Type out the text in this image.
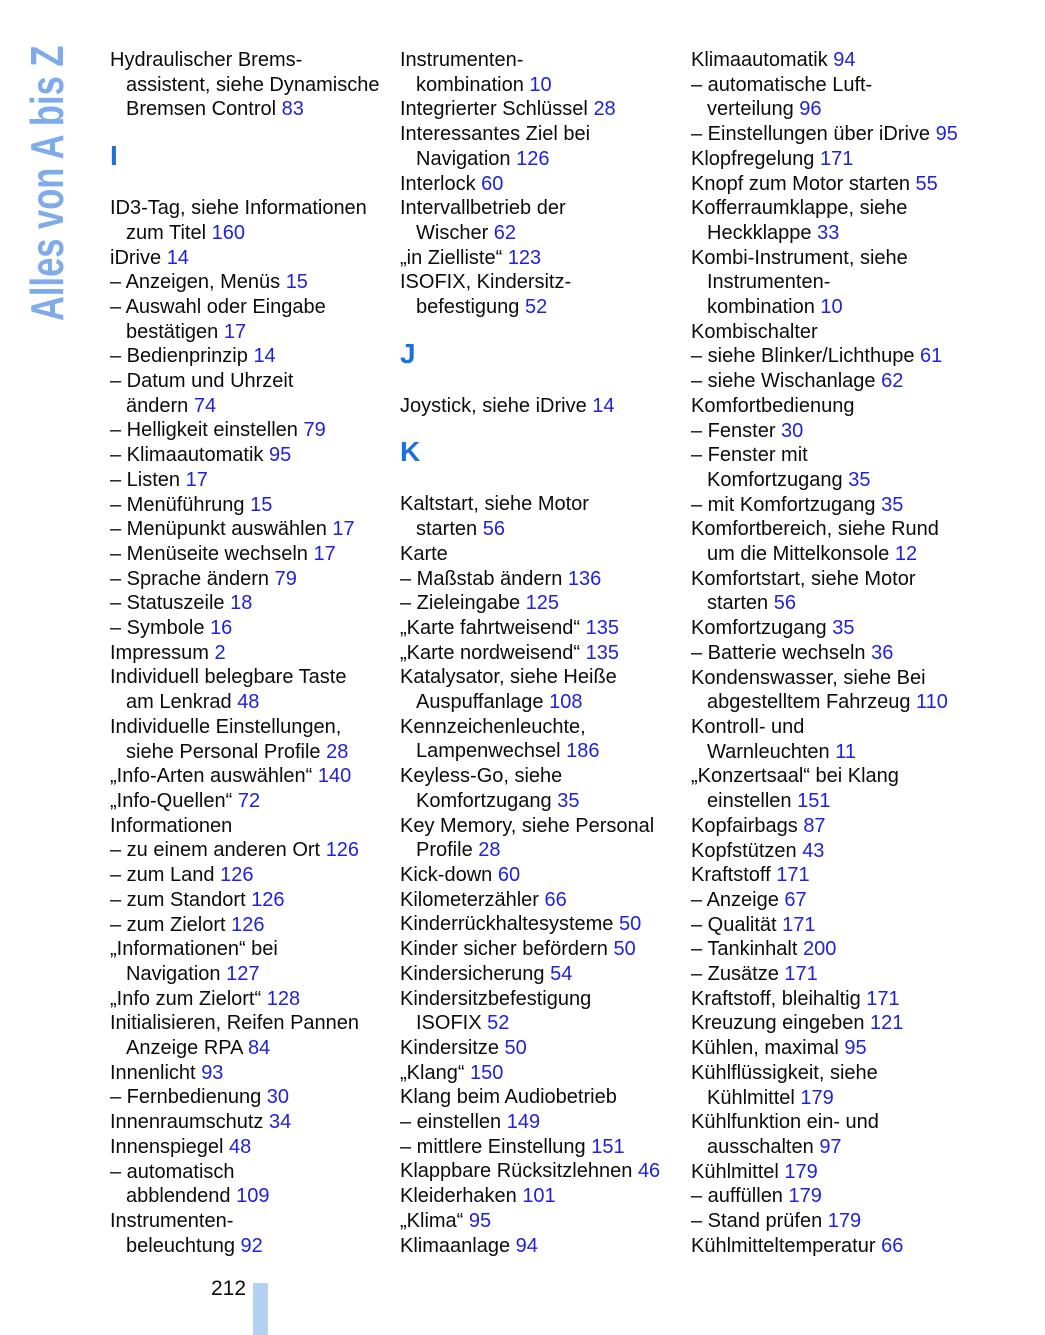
Alles von A bis Z Hydraulischer Brems-
assistent, siehe Dynamische
Bremsen Control 83
I
ID3-Tag, siehe Informationen
zum Titel 160
iDrive 14
– Anzeigen, Menüs 15
– Auswahl oder Eingabe
bestätigen 17
– Bedienprinzip 14
– Datum und Uhrzeit
ändern 74
– Helligkeit einstellen 79
– Klimaautomatik 95
– Listen 17
– Menüführung 15
– Menüpunkt auswählen 17
– Menüseite wechseln 17
– Sprache ändern 79
– Statuszeile 18
– Symbole 16
Impressum 2
Individuell belegbare Taste
am Lenkrad 48
Individuelle Einstellungen,
siehe Personal Profile 28
„Info-Arten auswählen“ 140
„Info-Quellen“ 72
Informationen
– zu einem anderen Ort 126
– zum Land 126
– zum Standort 126
– zum Zielort 126
„Informationen“ bei
Navigation 127
„Info zum Zielort“ 128
Initialisieren, Reifen Pannen
Anzeige RPA 84
Innenlicht 93
– Fernbedienung 30
Innenraumschutz 34
Innenspiegel 48
– automatisch
abblendend 109
Instrumenten-
beleuchtung 92
Instrumenten-
kombination 10
Integrierter Schlüssel 28
Interessantes Ziel bei
Navigation 126
Interlock 60
Intervallbetrieb der
Wischer 62
„in Zielliste“ 123
ISOFIX, Kindersitz-
befestigung 52
J
Joystick, siehe iDrive 14
K
Kaltstart, siehe Motor
starten 56
Karte
– Maßstab ändern 136
– Zieleingabe 125
„Karte fahrtweisend“ 135
„Karte nordweisend“ 135
Katalysator, siehe Heiße
Auspuffanlage 108
Kennzeichenleuchte,
Lampenwechsel 186
Keyless-Go, siehe
Komfortzugang 35
Key Memory, siehe Personal
Profile 28
Kick-down 60
Kilometerzähler 66
Kinderrückhaltesysteme 50
Kinder sicher befördern 50
Kindersicherung 54
Kindersitzbefestigung
ISOFIX 52
Kindersitze 50
„Klang“ 150
Klang beim Audiobetrieb
– einstellen 149
– mittlere Einstellung 151
Klappbare Rücksitzlehnen 46
Kleiderhaken 101
„Klima“ 95
Klimaanlage 94
Klimaautomatik 94
– automatische Luft-
verteilung 96
– Einstellungen über iDrive 95
Klopfregelung 171
Knopf zum Motor starten 55
Kofferraumklappe, siehe
Heckklappe 33
Kombi-Instrument, siehe
Instrumenten-
kombination 10
Kombischalter
– siehe Blinker/Lichthupe 61
– siehe Wischanlage 62
Komfortbedienung
– Fenster 30
– Fenster mit
Komfortzugang 35
– mit Komfortzugang 35
Komfortbereich, siehe Rund
um die Mittelkonsole 12
Komfortstart, siehe Motor
starten 56
Komfortzugang 35
– Batterie wechseln 36
Kondenswasser, siehe Bei
abgestelltem Fahrzeug 110
Kontroll- und
Warnleuchten 11
„Konzertsaal“ bei Klang
einstellen 151
Kopfairbags 87
Kopfstützen 43
Kraftstoff 171
– Anzeige 67
– Qualität 171
– Tankinhalt 200
– Zusätze 171
Kraftstoff, bleihaltig 171
Kreuzung eingeben 121
Kühlen, maximal 95
Kühlflüssigkeit, siehe
Kühlmittel 179
Kühlfunktion ein- und
ausschalten 97
Kühlmittel 179
– auffüllen 179
– Stand prüfen 179
Kühlmitteltemperatur 66
212
